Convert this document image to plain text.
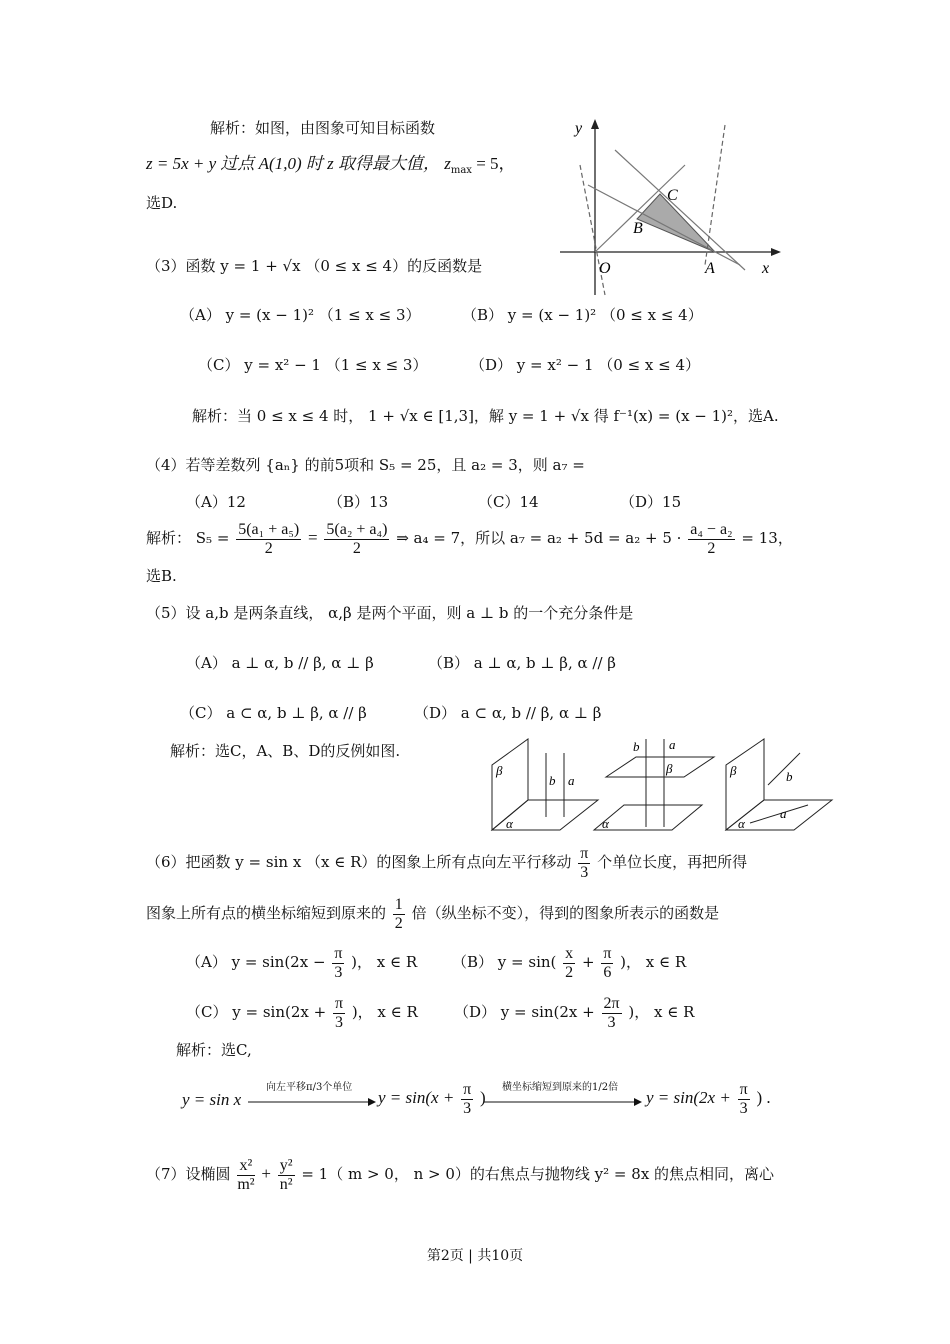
解析：如图，由图象可知目标函数
z = 5x + y 过点 A(1,0) 时 z 取得最大值， $z_{max} = 5$，
选D.
y
x
O	A
B
C
（3）函数 y = 1 + √x （0 ≤ x ≤ 4）的反函数是
（A） y = (x − 1)² （1 ≤ x ≤ 3）	（B） y = (x − 1)² （0 ≤ x ≤ 4）
（C） y = x² − 1 （1 ≤ x ≤ 3）	（D） y = x² − 1 （0 ≤ x ≤ 4）
解析：当 0 ≤ x ≤ 4 时， 1 + √x ∈ [1,3]，解 y = 1 + √x 得 f⁻¹(x) = (x − 1)²，选A.
（4）若等差数列 {aₙ} 的前5项和 S₅ = 25，且 a₂ = 3，则 a₇ =
（A）12	（B）13	（C）14	（D）15
解析： $S_5 = \frac{\text{5(a₁ + a₅)}}{2} = \frac{\text{5(a₂ + a₄)}}{2}$ ⇒ a₄ = 7，所以 $a_7 = a_2 + 5d = a_2 + 5 \cdot \frac{\text{a₄ − a₂}}{2} = 13$，
选B.
（5）设 a,b 是两条直线， α,β 是两个平面，则 a ⊥ b 的一个充分条件是
（A） a ⊥ α, b // β, α ⊥ β	（B） a ⊥ α, b ⊥ β, α // β
（C） a ⊂ α, b ⊥ β, α // β	（D） a ⊂ α, b // β, α ⊥ β
解析：选C，A、B、D的反例如图.
β
α
b a
b a
β
α
β
α
b
a
（6）把函数 y = sin x （x ∈ R）的图象上所有点向左平行移动 $\frac{\pi}{3}$ 个单位长度，再把所得
图象上所有点的横坐标缩短到原来的 $\frac{1}{2}$ 倍（纵坐标不变），得到的图象所表示的函数是
（A） $y = \sin(2x - \frac{\pi}{3}$ )， x ∈ R （B） $y = \sin( \frac{x}{2} + \frac{\pi}{6}$ )， x ∈ R
（C） $y = \sin(2x + \frac{\pi}{3}$ )， x ∈ R （D） $y = \sin(2x + \frac{2\pi}{3}$ )， x ∈ R
解析：选C,
y = sin x
向左平移π/3个单位
$y = \sin(x + \frac{\pi}{3}$ )
横坐标缩短到原来的1/2倍
$y = \sin(2x + \frac{\pi}{3}$ ) .
（7）设椭圆 $\frac{\text{x²}}{\text{m²}} + \frac{\text{y²}}{\text{n²}} = 1$（ m > 0， n > 0）的右焦点与抛物线 y² = 8x 的焦点相同，离心
第2页 | 共10页
